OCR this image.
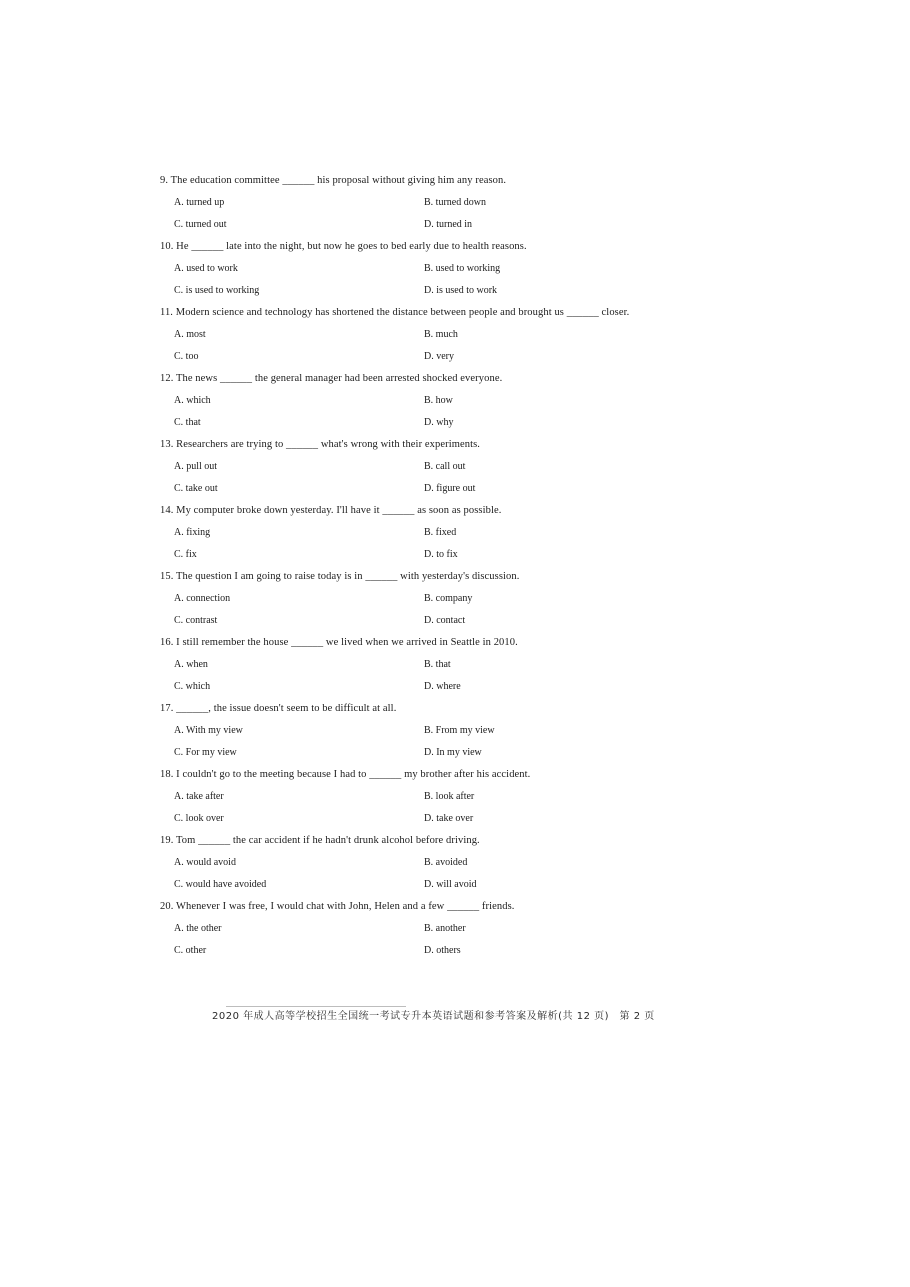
9. The education committee ______ his proposal without giving him any reason.
A. turned up	B. turned down
C. turned out	D. turned in
10. He ______ late into the night, but now he goes to bed early due to health reasons.
A. used to work	B. used to working
C. is used to working	D. is used to work
11. Modern science and technology has shortened the distance between people and brought us ______ closer.
A. most	B. much
C. too	D. very
12. The news ______ the general manager had been arrested shocked everyone.
A. which	B. how
C. that	D. why
13. Researchers are trying to ______ what's wrong with their experiments.
A. pull out	B. call out
C. take out	D. figure out
14. My computer broke down yesterday. I'll have it ______ as soon as possible.
A. fixing	B. fixed
C. fix	D. to fix
15. The question I am going to raise today is in ______ with yesterday's discussion.
A. connection	B. company
C. contrast	D. contact
16. I still remember the house ______ we lived when we arrived in Seattle in 2010.
A. when	B. that
C. which	D. where
17. ______, the issue doesn't seem to be difficult at all.
A. With my view	B. From my view
C. For my view	D. In my view
18. I couldn't go to the meeting because I had to ______ my brother after his accident.
A. take after	B. look after
C. look over	D. take over
19. Tom ______ the car accident if he hadn't drunk alcohol before driving.
A. would avoid	B. avoided
C. would have avoided	D. will avoid
20. Whenever I was free, I would chat with John, Helen and a few ______ friends.
A. the other	B. another
C. other	D. others
2020 年成人高等学校招生全国统一考试专升本英语试题和参考答案及解析(共 12 页)　第 2 页
